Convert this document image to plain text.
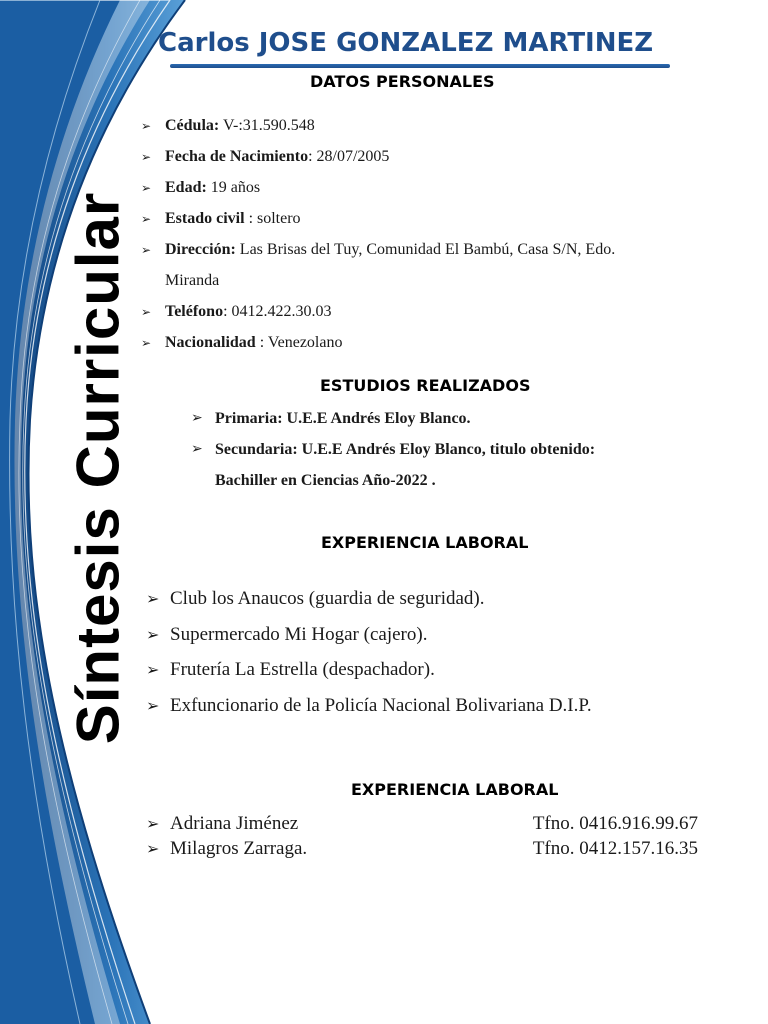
Síntesis Curricular
Carlos JOSE GONZALEZ MARTINEZ
DATOS PERSONALES
➢ Cédula: V-:31.590.548
➢ Fecha de Nacimiento: 28/07/2005
➢ Edad: 19 años
➢ Estado civil : soltero
➢ Dirección: Las Brisas del Tuy, Comunidad El Bambú, Casa S/N, Edo.
Miranda
➢ Teléfono: 0412.422.30.03
➢ Nacionalidad : Venezolano
ESTUDIOS REALIZADOS
➢ Primaria: U.E.E Andrés Eloy Blanco.
➢ Secundaria: U.E.E Andrés Eloy Blanco, titulo obtenido:
Bachiller en Ciencias Año-2022 .
EXPERIENCIA LABORAL
➢ Club los Anaucos (guardia de seguridad).
➢ Supermercado Mi Hogar (cajero).
➢ Frutería La Estrella (despachador).
➢ Exfuncionario de la Policía Nacional Bolivariana D.I.P.
EXPERIENCIA LABORAL
➢ Adriana Jiménez	Tfno. 0416.916.99.67
➢ Milagros Zarraga.	Tfno. 0412.157.16.35
